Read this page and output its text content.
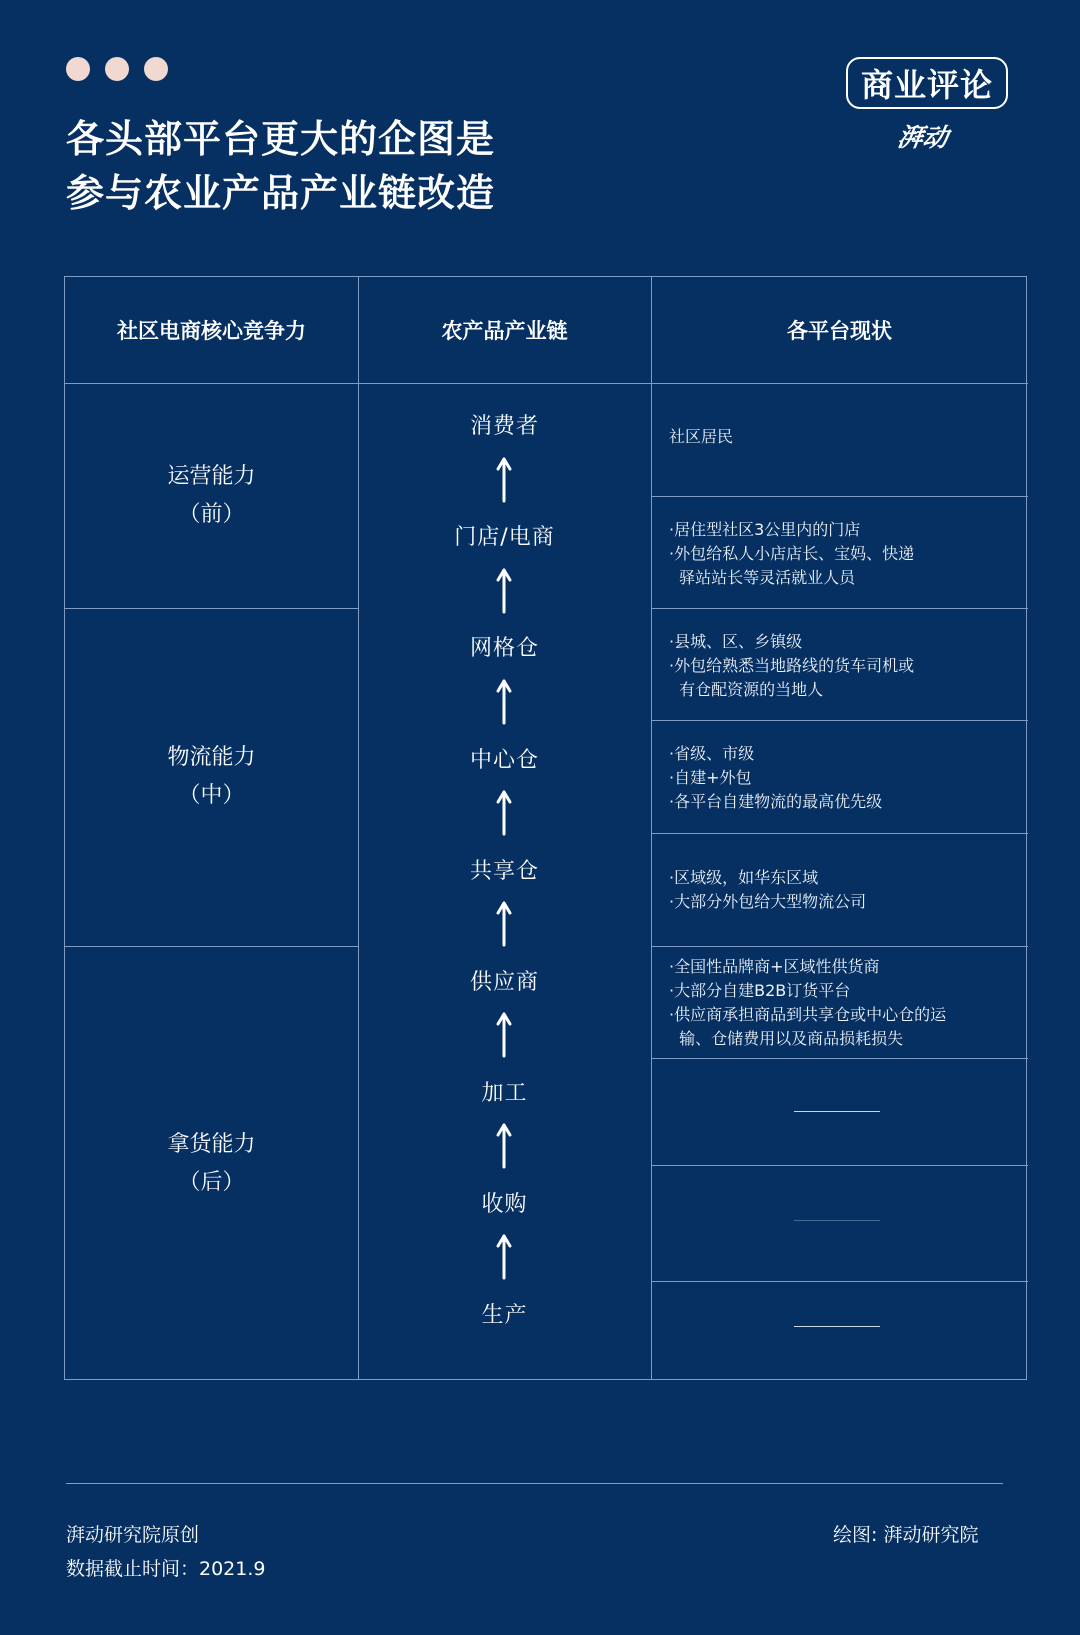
各头部平台更大的企图是
参与农业产品产业链改造
商业评论
湃动
社区电商核心竞争力	农产品产业链	各平台现状
运营能力
（前）
物流能力
（中）
拿货能力
（后）
消费者
门店/电商
网格仓
中心仓
共享仓
供应商
加工
收购
生产
社区居民
·居住型社区3公里内的门店
·外包给私人小店店长、宝妈、快递
驿站站长等灵活就业人员
·县城、区、乡镇级
·外包给熟悉当地路线的货车司机或
有仓配资源的当地人
·省级、市级
·自建+外包
·各平台自建物流的最高优先级
·区域级，如华东区域
·大部分外包给大型物流公司
·全国性品牌商+区域性供货商
·大部分自建B2B订货平台
·供应商承担商品到共享仓或中心仓的运
输、仓储费用以及商品损耗损失
湃动研究院原创
数据截止时间：2021.9
绘图: 湃动研究院
